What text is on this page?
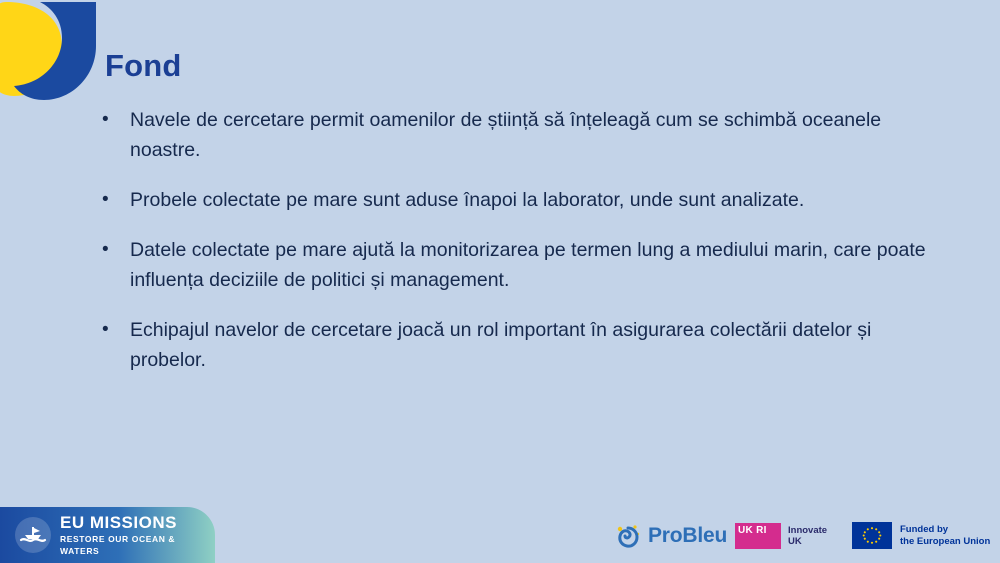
Fond
•	Navele de cercetare permit oamenilor de știință să înțeleagă cum se schimbă oceanele noastre.
•	Probele colectate pe mare sunt aduse înapoi la laborator, unde sunt analizate.
•	Datele colectate pe mare ajută la monitorizarea pe termen lung a mediului marin, care poate influența deciziile de politici și management.
•	Echipajul navelor de cercetare joacă un rol important în asigurarea colectării datelor și probelor.
EU MISSIONS
RESTORE OUR OCEAN & WATERS
ProBleu	UK RI	Innovate
UK
Funded by
the European Union
